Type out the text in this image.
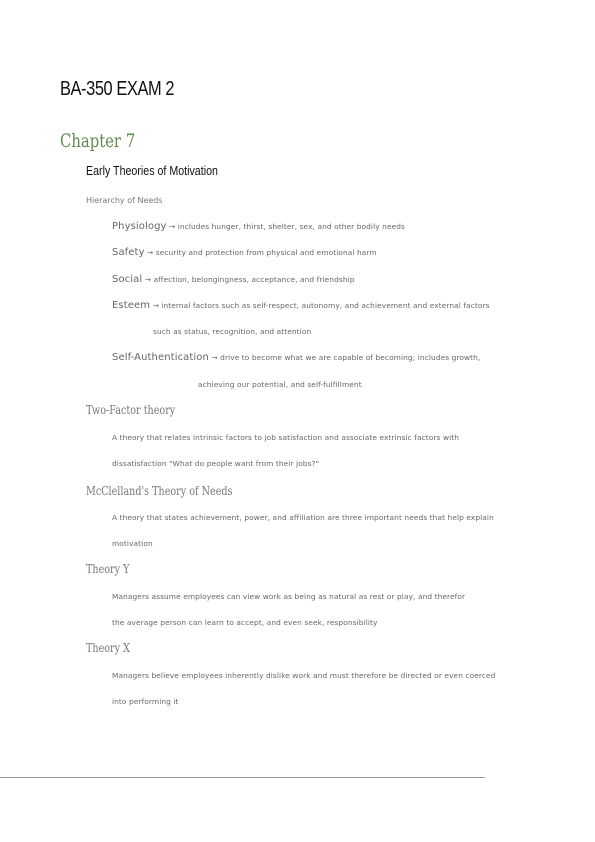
BA-350 EXAM 2
Chapter 7
Early Theories of Motivation
Hierarchy of Needs
Physiology → includes hunger, thirst, shelter, sex, and other bodily needs
Safety → security and protection from physical and emotional harm
Social → affection, belongingness, acceptance, and friendship
Esteem → internal factors such as self-respect, autonomy, and achievement and external factors
such as status, recognition, and attention
Self-Authentication → drive to become what we are capable of becoming; includes growth,
achieving our potential, and self-fulfillment
Two-Factor theory
A theory that relates intrinsic factors to job satisfaction and associate extrinsic factors with
dissatisfaction "What do people want from their jobs?"
McClelland's Theory of Needs
A theory that states achievement, power, and affiliation are three important needs that help explain
motivation
Theory Y
Managers assume employees can view work as being as natural as rest or play, and therefor
the average person can learn to accept, and even seek, responsibility
Theory X
Managers believe employees inherently dislike work and must therefore be directed or even coerced
into performing it
